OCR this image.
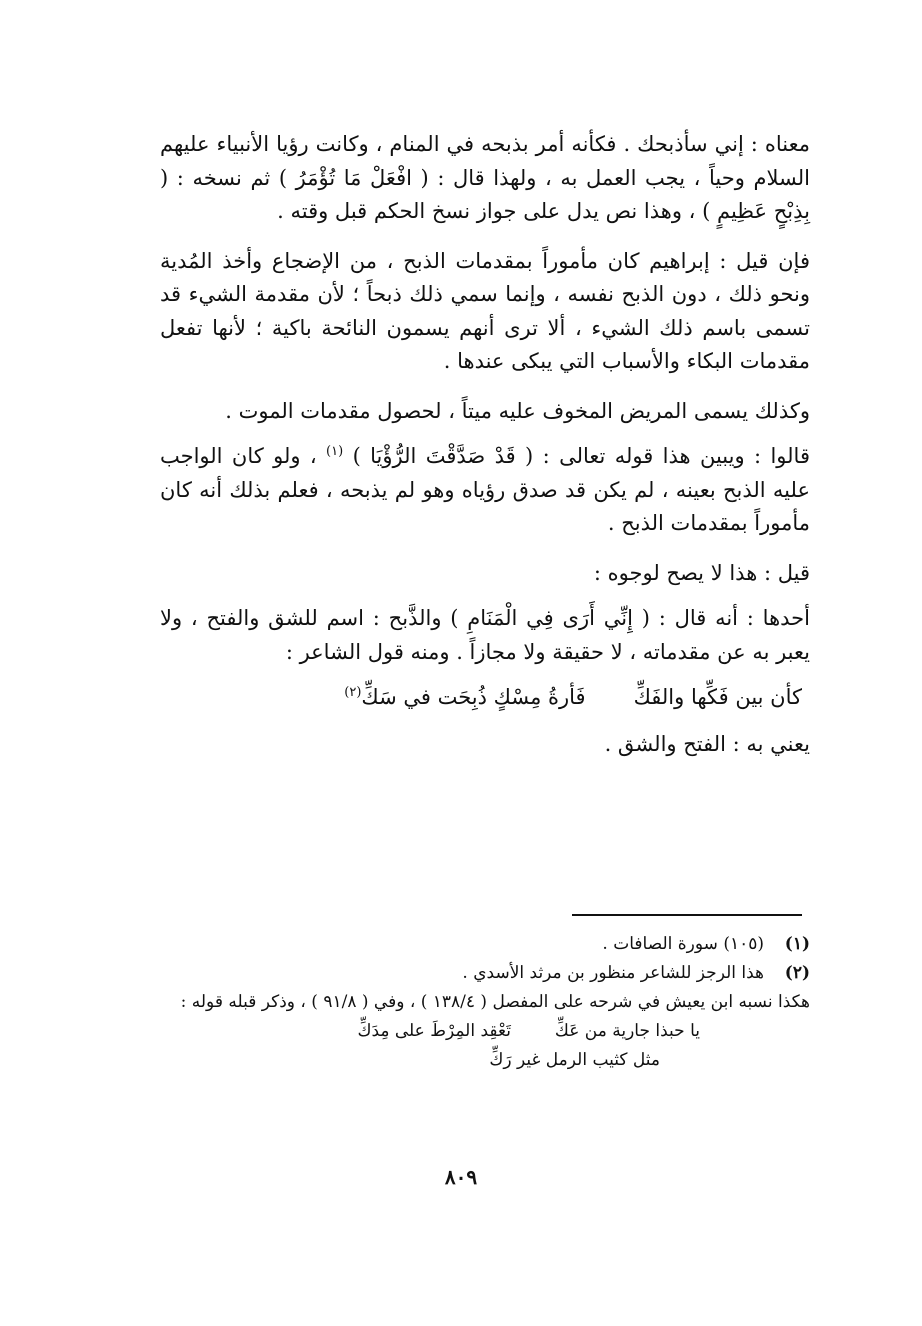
معناه : إني سأذبحك . فكأنه أمر بذبحه في المنام ، وكانت رؤيا الأنبياء عليهم السلام وحياً ، يجب العمل به ، ولهذا قال : ( افْعَلْ مَا تُؤْمَرُ ) ثم نسخه : ( بِذِبْحٍ عَظِيمٍ ) ، وهذا نص يدل على جواز نسخ الحكم قبل وقته .

فإن قيل : إبراهيم كان مأموراً بمقدمات الذبح ، من الإضجاع وأخذ المُدية ونحو ذلك ، دون الذبح نفسه ، وإنما سمي ذلك ذبحاً ؛ لأن مقدمة الشيء قد تسمى باسم ذلك الشيء ، ألا ترى أنهم يسمون النائحة باكية ؛ لأنها تفعل مقدمات البكاء والأسباب التي يبكى عندها .

وكذلك يسمى المريض المخوف عليه ميتاً ، لحصول مقدمات الموت .

قالوا : ويبين هذا قوله تعالى : ( قَدْ صَدَّقْتَ الرُّؤْيَا ) $^{(١)}$ ، ولو كان الواجب عليه الذبح بعينه ، لم يكن قد صدق رؤياه وهو لم يذبحه ، فعلم بذلك أنه كان مأموراً بمقدمات الذبح .

قيل : هذا لا يصح لوجوه :

أحدها : أنه قال : ( إِنِّي أَرَى فِي الْمَنَامِ ) والذَّبح : اسم للشق والفتح ، ولا يعبر به عن مقدماته ، لا حقيقة ولا مجازاً . ومنه قول الشاعر :

كأن بين فَكِّها والفَكِّ
فَأرةُ مِسْكٍ ذُبِحَت في سَكِّ$^{(٢)}$

يعني به : الفتح والشق .

(١)
(١٠٥) سورة الصافات .
(٢)
هذا الرجز للشاعر منظور بن مرثد الأسدي .
هكذا نسبه ابن يعيش في شرحه على المفصل ( ١٣٨/٤ ) ، وفي ( ٩١/٨ ) ، وذكر قبله قوله :
يا حبذا جارية من عَكِّ
تَعْقِد المِرْطَ على مِدَكِّ
مثل كثيب الرمل غير رَكِّ
٨٠٩
